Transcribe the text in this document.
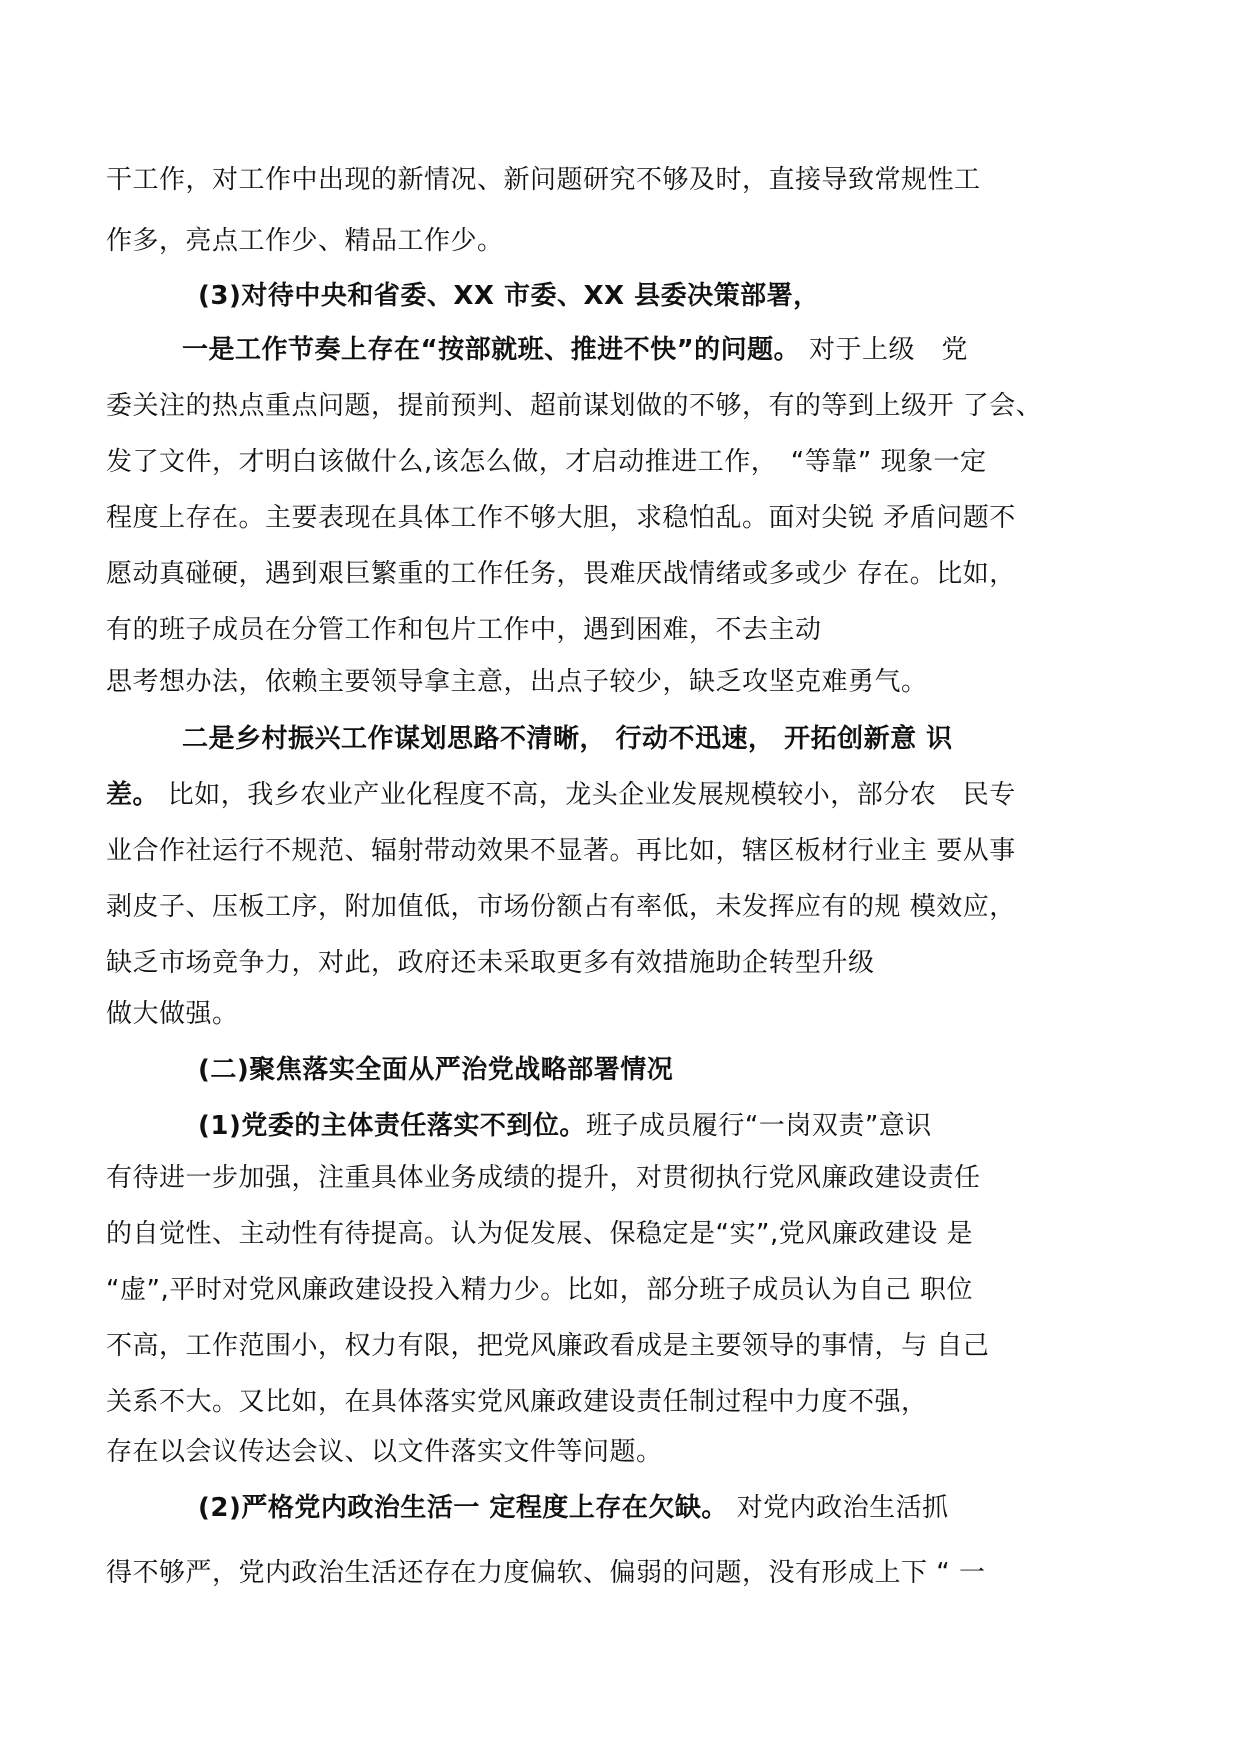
干工作，对工作中出现的新情况、新问题研究不够及时，直接导致常规性工
作多，亮点工作少、精品工作少。
(3)对待中央和省委、XX 市委、XX 县委决策部署，
一是工作节奏上存在“按部就班、推进不快”的问题。 对于上级　党
委关注的热点重点问题，提前预判、超前谋划做的不够，有的等到上级开 了会、
发了文件，才明白该做什么,该怎么做，才启动推进工作，　“等靠” 现象一定
程度上存在。主要表现在具体工作不够大胆，求稳怕乱。面对尖锐 矛盾问题不
愿动真碰硬，遇到艰巨繁重的工作任务，畏难厌战情绪或多或少 存在。比如，
有的班子成员在分管工作和包片工作中，遇到困难，不去主动
思考想办法，依赖主要领导拿主意，出点子较少，缺乏攻坚克难勇气。
二是乡村振兴工作谋划思路不清晰， 行动不迅速， 开拓创新意 识
差。 比如，我乡农业产业化程度不高，龙头企业发展规模较小，部分农　民专
业合作社运行不规范、辐射带动效果不显著。再比如，辖区板材行业主 要从事
剥皮子、压板工序，附加值低，市场份额占有率低，未发挥应有的规 模效应，
缺乏市场竞争力，对此，政府还未采取更多有效措施助企转型升级
做大做强。
(二)聚焦落实全面从严治党战略部署情况
(1)党委的主体责任落实不到位。班子成员履行“一岗双责”意识
有待进一步加强，注重具体业务成绩的提升，对贯彻执行党风廉政建设责任
的自觉性、主动性有待提高。认为促发展、保稳定是“实”,党风廉政建设 是
“虚”,平时对党风廉政建设投入精力少。比如，部分班子成员认为自己 职位
不高，工作范围小，权力有限，把党风廉政看成是主要领导的事情，与 自己
关系不大。又比如，在具体落实党风廉政建设责任制过程中力度不强，
存在以会议传达会议、以文件落实文件等问题。
(2)严格党内政治生活一 定程度上存在欠缺。 对党内政治生活抓
得不够严，党内政治生活还存在力度偏软、偏弱的问题，没有形成上下 “ 一
